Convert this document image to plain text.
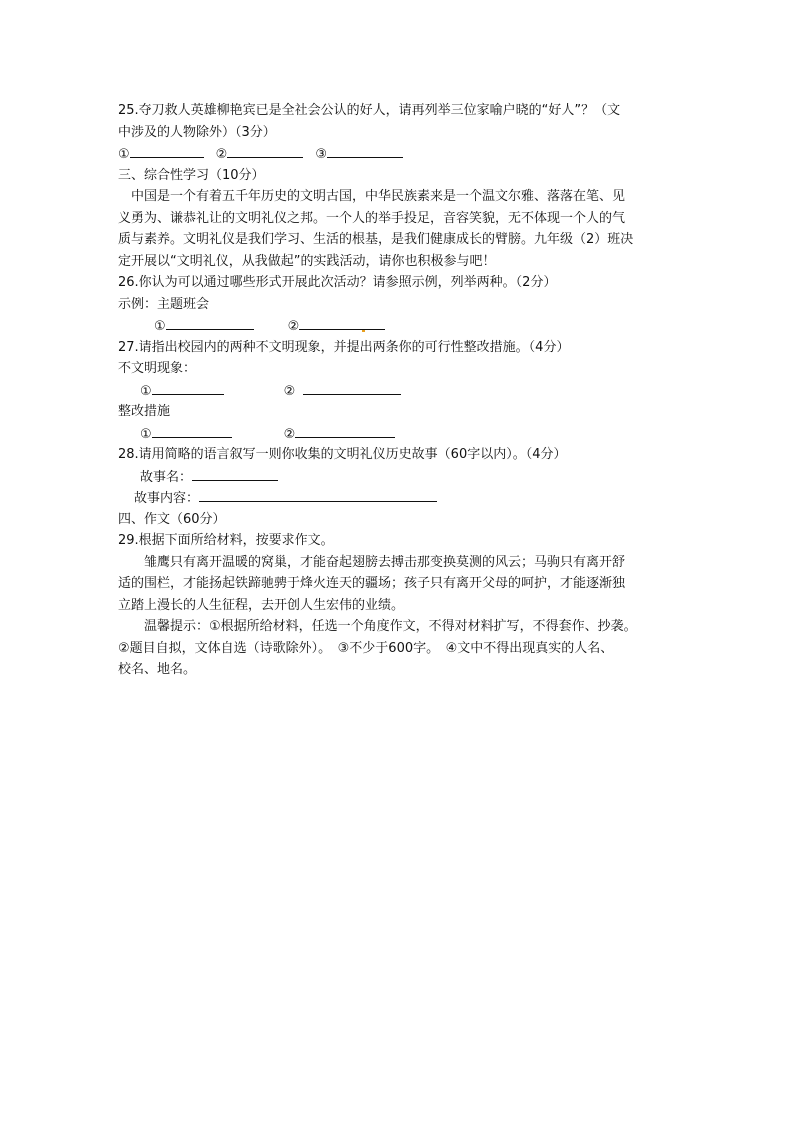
25.夺刀救人英雄柳艳宾已是全社会公认的好人，请再列举三位家喻户晓的“好人”？（文
中涉及的人物除外）（3分）
①	②	③
三、综合性学习（10分）
　中国是一个有着五千年历史的文明古国，中华民族素来是一个温文尔雅、落落在笔、见
义勇为、谦恭礼让的文明礼仪之邦。一个人的举手投足，音容笑貌，无不体现一个人的气
质与素养。文明礼仪是我们学习、生活的根基，是我们健康成长的臂膀。九年级（2）班决
定开展以“文明礼仪，从我做起”的实践活动，请你也积极参与吧！
26.你认为可以通过哪些形式开展此次活动？请参照示例，列举两种。（2分）
示例：主题班会
①	②
27.请指出校园内的两种不文明现象，并提出两条你的可行性整改措施。（4分）
不文明现象：
①	②
整改措施
①	②
28.请用简略的语言叙写一则你收集的文明礼仪历史故事（60字以内）。（4分）
故事名：
故事内容：
四、作文（60分）
29.根据下面所给材料，按要求作文。
　　雏鹰只有离开温暖的窝巢，才能奋起翅膀去搏击那变换莫测的风云；马驹只有离开舒
适的围栏，才能扬起铁蹄驰骋于烽火连天的疆场；孩子只有离开父母的呵护，才能逐渐独
立踏上漫长的人生征程，去开创人生宏伟的业绩。
　　温馨提示：①根据所给材料，任选一个角度作文，不得对材料扩写，不得套作、抄袭。
②题目自拟，文体自选（诗歌除外）。　③不少于600字。　④文中不得出现真实的人名、
校名、地名。
